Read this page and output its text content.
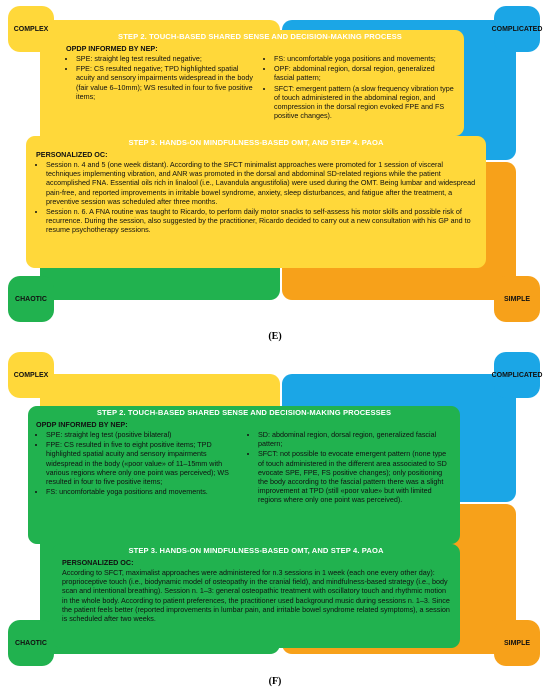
COMPLEX	COMPLICATED
CHAOTIC	SIMPLE

STEP 2. TOUCH-BASED SHARED SENSE AND DECISION-MAKING PROCESS

OPDP INFORMED BY NEP:

• SPE: straight leg test resulted negative;
• FPE: CS resulted negative; TPD highlighted spatial acuity and sensory impairments widespread in the body (fair value 6–10mm); WS resulted in four to five positive items;
• FS: uncomfortable yoga positions and movements;
• OPF: abdominal region, dorsal region, generalized fascial pattern;
• SFCT: emergent pattern (a slow frequency vibration type of touch administered in the abdominal region, and compression in the dorsal region evoked FPE and FS positive changes).

STEP 3. HANDS-ON MINDFULNESS-BASED OMT, AND STEP 4. PAOA

PERSONALIZED OC:

• Session n. 4 and 5 (one week distant). According to the SFCT minimalist approaches were promoted for 1 session of visceral techniques implementing vibration, and ANR was promoted in the dorsal and abdominal SD-related regions while the patient accomplished FNA. Essential oils rich in linalool (i.e., Lavandula angustifolia) were used during the OMT. Being lumbar and widespread pain-free, and reported improvements in irritable bowel syndrome, anxiety, sleep disturbances, and fatigue after the treatment, a preventive session was scheduled after three months.
• Session n. 6. A FNA routine was taught to Ricardo, to perform daily motor snacks to self-assess his motor skills and possible risk of recurrence. During the session, also suggested by the practitioner, Ricardo decided to carry out a new consultation with his GP and to resume psychotherapy sessions.
(E)
COMPLEX	COMPLICATED
CHAOTIC	SIMPLE

STEP 2. TOUCH-BASED SHARED SENSE AND DECISION-MAKING PROCESSES

OPDP INFORMED BY NEP:

• SPE: straight leg test (positive bilateral)
• FPE: CS resulted in five to eight positive items; TPD highlighted spatial acuity and sensory impairments widespread in the body («poor value» of 11–15mm with various regions where only one point was perceived); WS resulted in four to five positive items;
• FS: uncomfortable yoga positions and movements.
• SD: abdominal region, dorsal region, generalized fascial pattern;
• SFCT: not possible to evocate emergent pattern (none type of touch administered in the different area associated to SD evocate SPE, FPE, FS positive changes); only positioning the body according to the fascial pattern there was a slight improvement at TPD (still «poor value» but with limited regions where only one point was perceived).

STEP 3. HANDS-ON MINDFULNESS-BASED OMT, AND STEP 4. PAOA

PERSONALIZED OC:

According to SFCT, maximalist approaches were administered for n.3 sessions in 1 week (each one every other day): proprioceptive touch (i.e., biodynamic model of osteopathy in the cranial field), and mindfulness-based strategy (i.e., body scan and intentional breathing). Session n. 1–3: general osteopathic treatment with oscillatory touch and rhythmic motion in the whole body. According to patient preferences, the practitioner used background music during sessions n. 1–3. Since the patient feels better (reported improvements in lumbar pain, and irritable bowel syndrome related symptoms), a session is scheduled after two weeks.

(F)
